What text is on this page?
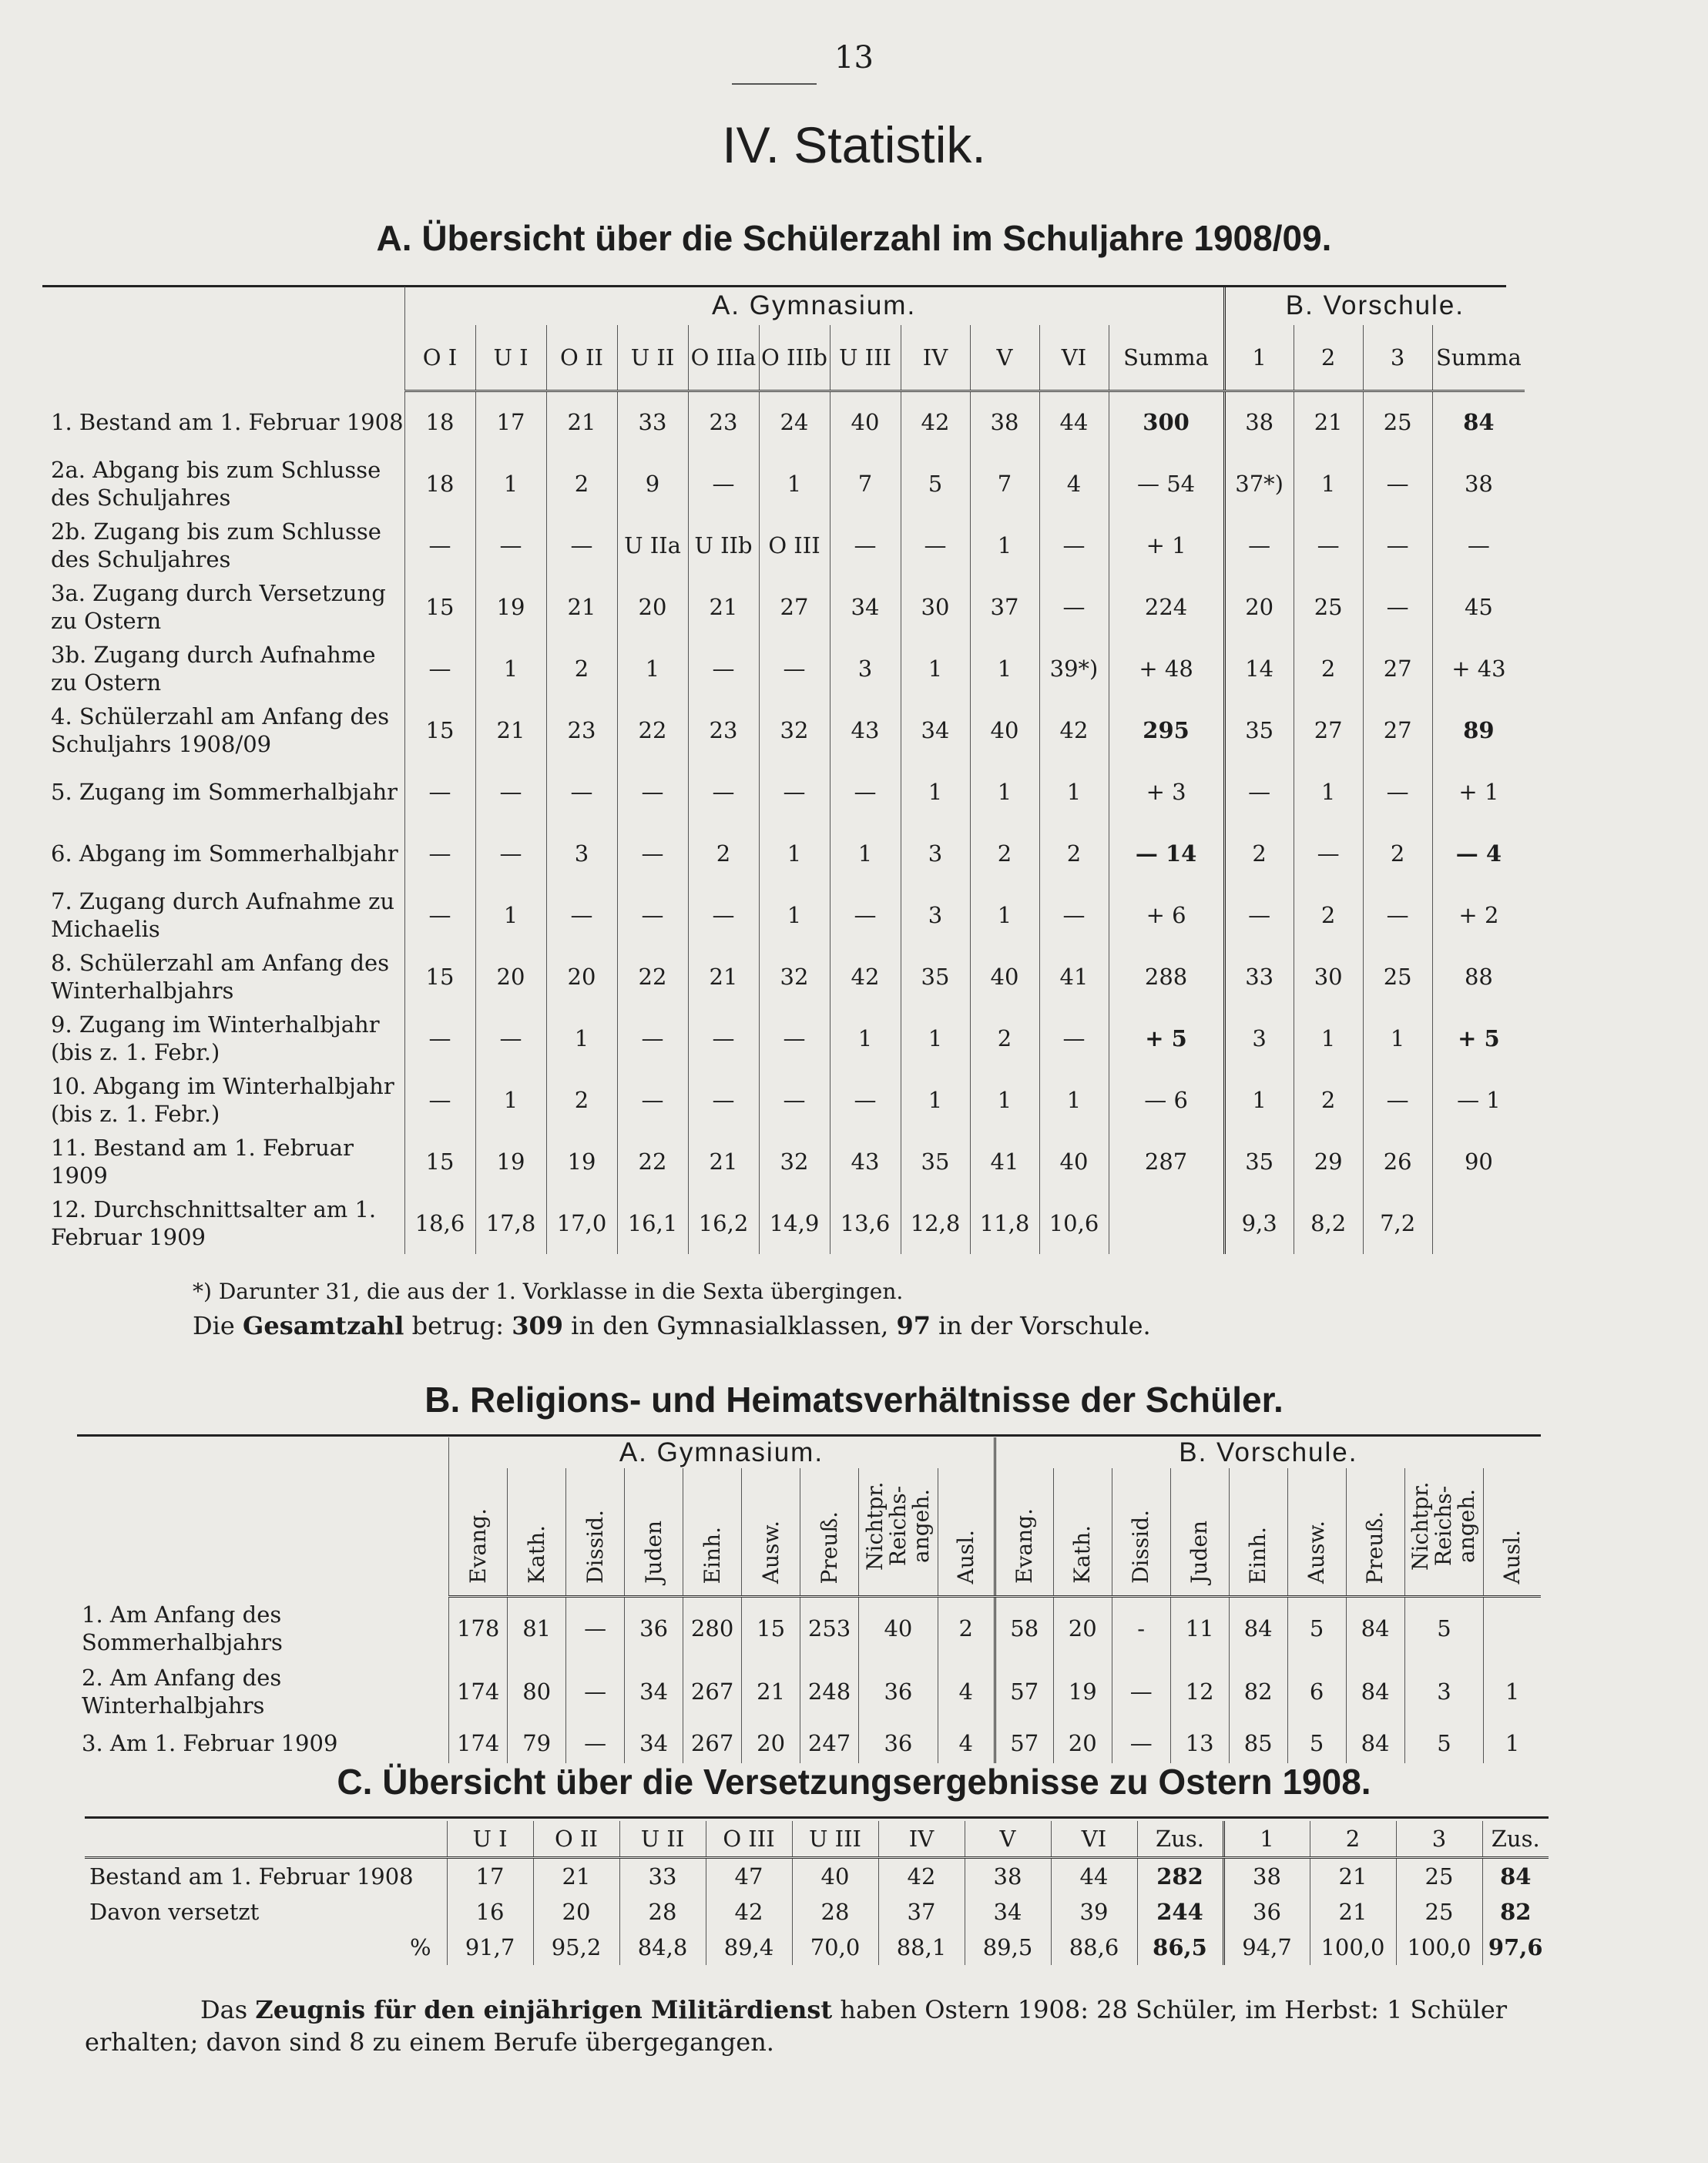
13
IV. Statistik.
A. Übersicht über die Schülerzahl im Schuljahre 1908/09.
	A. Gymnasium.											B. Vorschule.			
	O I	U I	O II	U II	O IIIa	O IIIb	U III	IV	V	VI	Summa	1	2	3	Summa
1. Bestand am 1. Februar 1908	18	17	21	33	23	24	40	42	38	44	300	38	21	25	84
2a. Abgang bis zum Schlusse des Schuljahres	18	1	2	9	—	1	7	5	7	4	— 54	37*)	1	—	38
2b. Zugang bis zum Schlusse des Schuljahres	—	—	—	U IIa	U IIb	O III	—	—	1	—	+ 1	—	—	—	—
3a. Zugang durch Versetzung zu Ostern	15	19	21	20	21	27	34	30	37	—	224	20	25	—	45
3b. Zugang durch Aufnahme zu Ostern	—	1	2	1	—	—	3	1	1	39*)	+ 48	14	2	27	+ 43
4. Schülerzahl am Anfang des Schuljahrs 1908/09	15	21	23	22	23	32	43	34	40	42	295	35	27	27	89
5. Zugang im Sommerhalbjahr	—	—	—	—	—	—	—	1	1	1	+ 3	—	1	—	+ 1
6. Abgang im Sommerhalbjahr	—	—	3	—	2	1	1	3	2	2	— 14	2	—	2	— 4
7. Zugang durch Aufnahme zu Michaelis	—	1	—	—	—	1	—	3	1	—	+ 6	—	2	—	+ 2
8. Schülerzahl am Anfang des Winterhalbjahrs	15	20	20	22	21	32	42	35	40	41	288	33	30	25	88
9. Zugang im Winterhalbjahr (bis z. 1. Febr.)	—	—	1	—	—	—	1	1	2	—	+ 5	3	1	1	+ 5
10. Abgang im Winterhalbjahr (bis z. 1. Febr.)	—	1	2	—	—	—	—	1	1	1	— 6	1	2	—	— 1
11. Bestand am 1. Februar 1909	15	19	19	22	21	32	43	35	41	40	287	35	29	26	90
12. Durchschnittsalter am 1. Februar 1909	18,6	17,8	17,0	16,1	16,2	14,9	13,6	12,8	11,8	10,6		9,3	8,2	7,2	
*) Darunter 31, die aus der 1. Vorklasse in die Sexta übergingen.
Die Gesamtzahl betrug: 309 in den Gymnasialklassen, 97 in der Vorschule.
B. Religions- und Heimatsverhältnisse der Schüler.
	A. Gymnasium.									B. Vorschule.								
	Evang.	Kath.	Dissid.	Juden	Einh.	Ausw.	Preuß.	Nichtpr. Reichs- angeh.	Ausl.	Evang.	Kath.	Dissid.	Juden	Einh.	Ausw.	Preuß.	Nichtpr. Reichs- angeh.	Ausl.
1. Am Anfang des Sommerhalbjahrs	178	81	—	36	280	15	253	40	2	58	20	-	11	84	5	84	5	
2. Am Anfang des Winterhalbjahrs	174	80	—	34	267	21	248	36	4	57	19	—	12	82	6	84	3	1
3. Am 1. Februar 1909	174	79	—	34	267	20	247	36	4	57	20	—	13	85	5	84	5	1
C. Übersicht über die Versetzungsergebnisse zu Ostern 1908.
	U I	O II	U II	O III	U III	IV	V	VI	Zus.	1	2	3	Zus.
Bestand am 1. Februar 1908	17	21	33	47	40	42	38	44	282	38	21	25	84
Davon versetzt	16	20	28	42	28	37	34	39	244	36	21	25	82
%	91,7	95,2	84,8	89,4	70,0	88,1	89,5	88,6	86,5	94,7	100,0	100,0	97,6
Das Zeugnis für den einjährigen Militärdienst haben Ostern 1908: 28 Schüler, im Herbst: 1 Schüler erhalten; davon sind 8 zu einem Berufe übergegangen.
